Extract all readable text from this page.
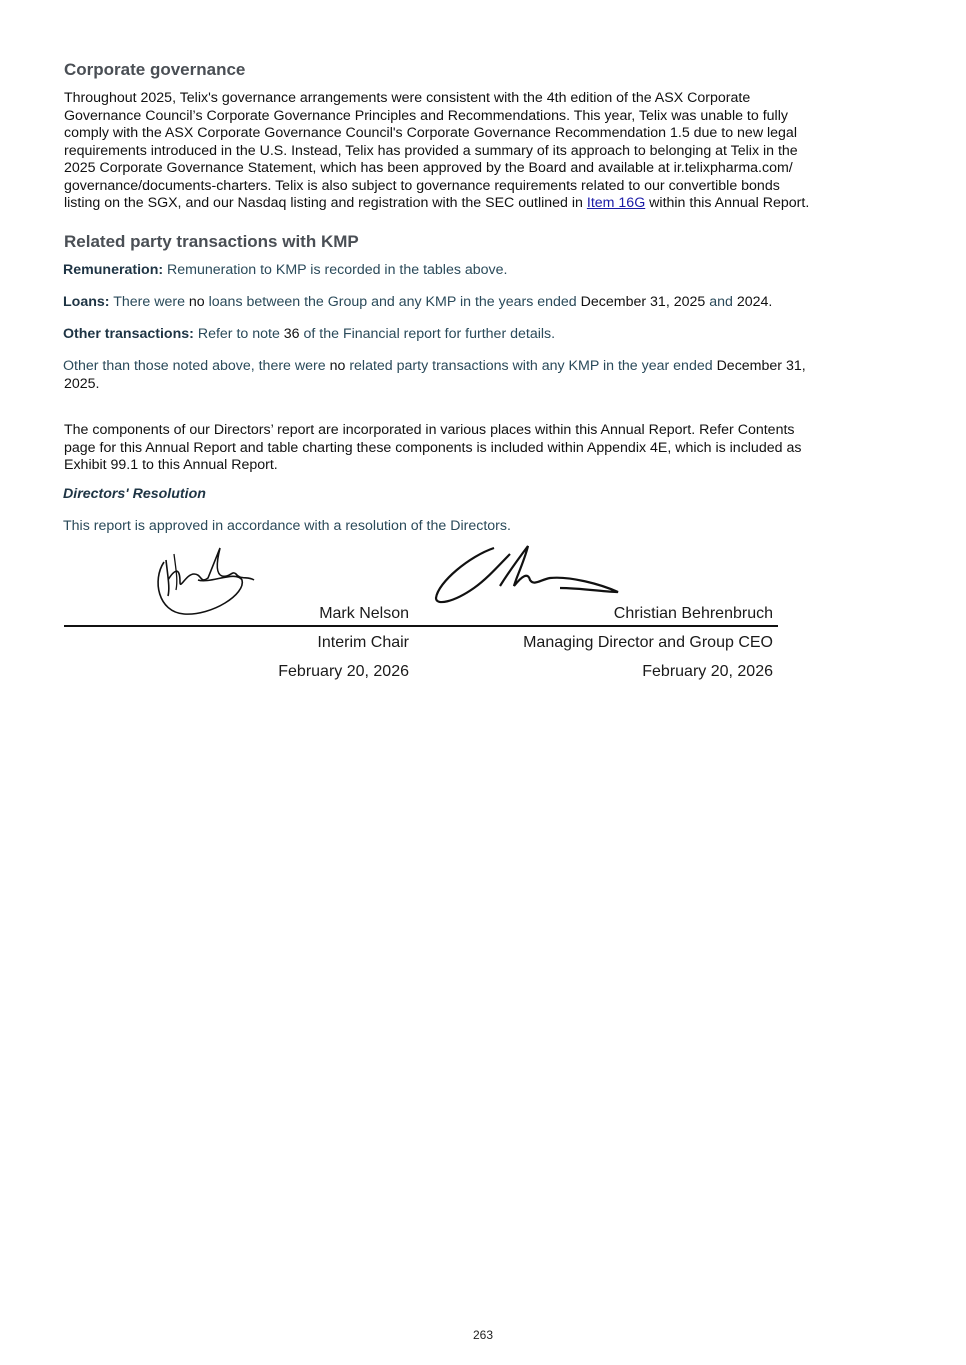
Corporate governance
Throughout 2025, Telix's governance arrangements were consistent with the 4th edition of the ASX Corporate
Governance Council’s Corporate Governance Principles and Recommendations. This year, Telix was unable to fully
comply with the ASX Corporate Governance Council's Corporate Governance Recommendation 1.5 due to new legal
requirements introduced in the U.S. Instead, Telix has provided a summary of its approach to belonging at Telix in the
2025 Corporate Governance Statement, which has been approved by the Board and available at ir.telixpharma.com/
governance/documents-charters. Telix is also subject to governance requirements related to our convertible bonds
listing on the SGX, and our Nasdaq listing and registration with the SEC outlined in Item 16G within this Annual Report.
Related party transactions with KMP
Remuneration: Remuneration to KMP is recorded in the tables above.
Loans: There were no loans between the Group and any KMP in the years ended December 31, 2025 and 2024.
Other transactions: Refer to note 36 of the Financial report for further details.
Other than those noted above, there were no related party transactions with any KMP in the year ended December 31,
2025.
The components of our Directors’ report are incorporated in various places within this Annual Report. Refer Contents
page for this Annual Report and table charting these components is included within Appendix 4E, which is included as
Exhibit 99.1 to this Annual Report.
Directors' Resolution
This report is approved in accordance with a resolution of the Directors.
Mark Nelson	Christian Behrenbruch
Interim Chair	Managing Director and Group CEO
February 20, 2026	February 20, 2026
263
